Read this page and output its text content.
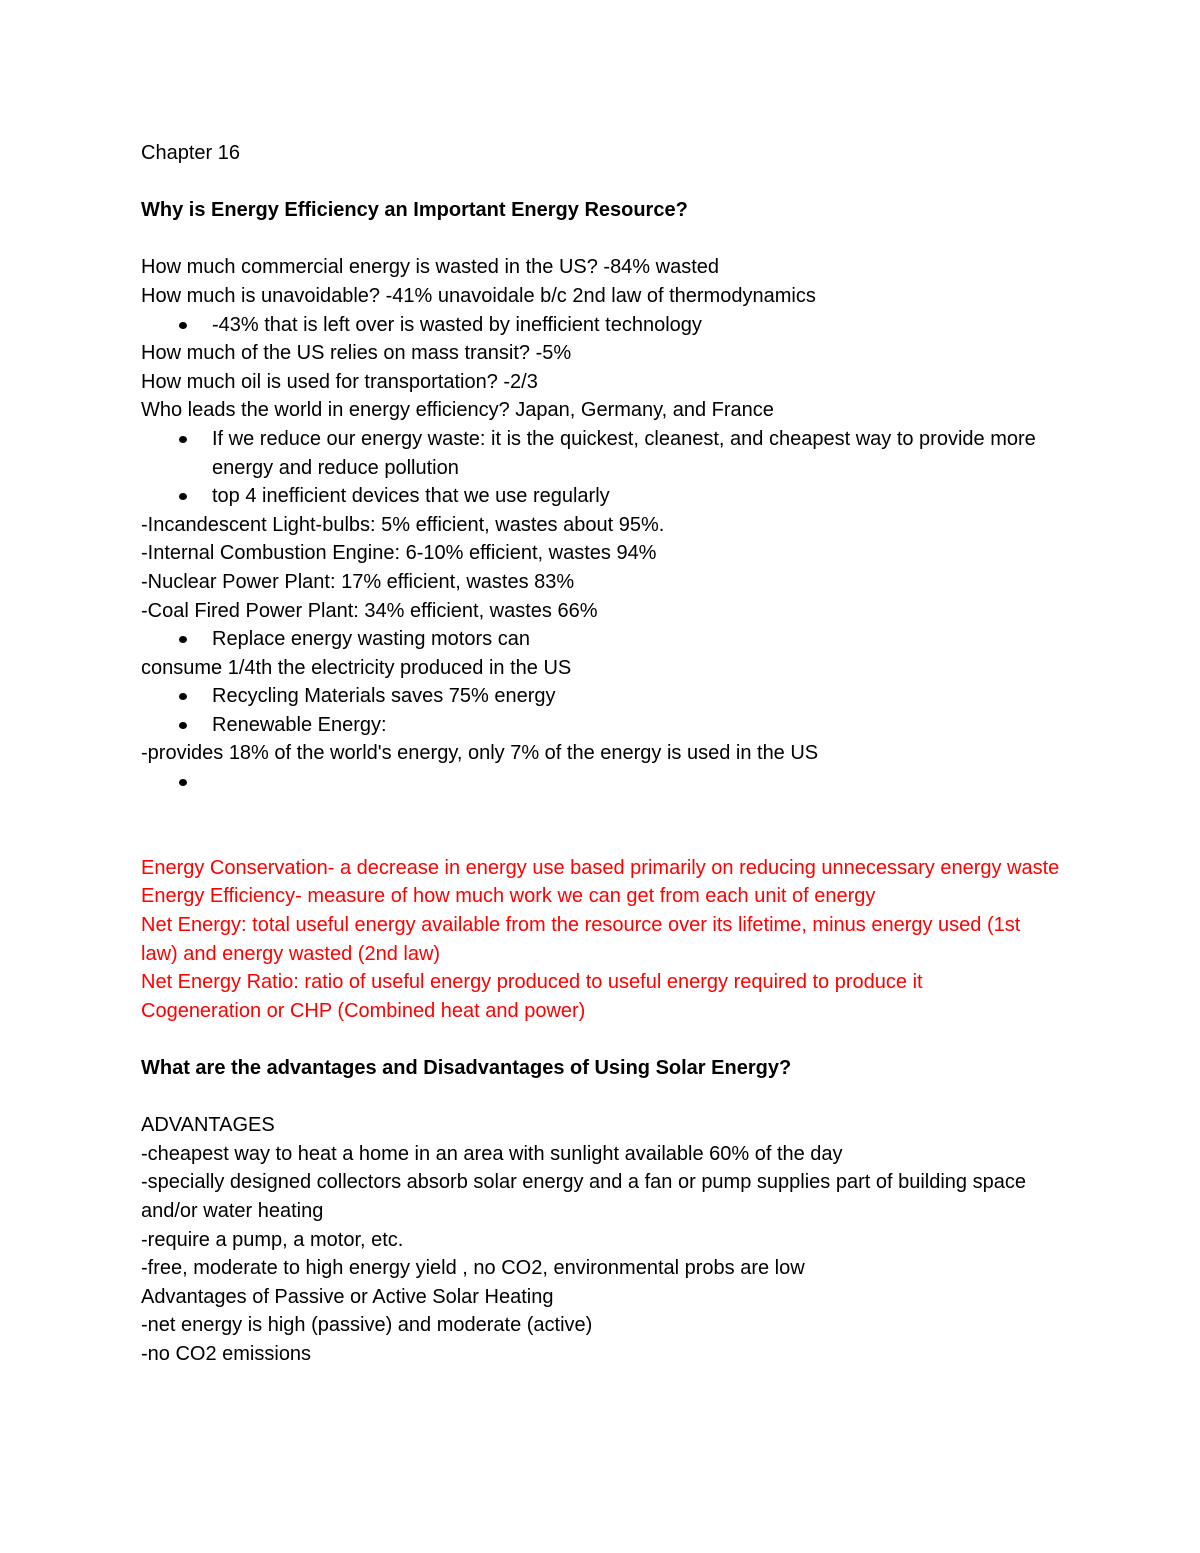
Chapter 16

Why is Energy Efficiency an Important Energy Resource?

How much commercial energy is wasted in the US? -84% wasted

How much is unavoidable? -41% unavoidale b/c 2nd law of thermodynamics

-43% that is left over is wasted by inefficient technology

How much of the US relies on mass transit? -5%

How much oil is used for transportation? -2/3

Who leads the world in energy efficiency? Japan, Germany, and France

If we reduce our energy waste: it is the quickest, cleanest, and cheapest way to provide more energy and reduce pollution
top 4 inefficient devices that we use regularly

-Incandescent Light-bulbs: 5% efficient, wastes about 95%.

-Internal Combustion Engine: 6-10% efficient, wastes 94%

-Nuclear Power Plant: 17% efficient, wastes 83%

-Coal Fired Power Plant: 34% efficient, wastes 66%

Replace energy wasting motors can

consume 1/4th the electricity produced in the US

Recycling Materials saves 75% energy
Renewable Energy:

-provides 18% of the world's energy, only 7% of the energy is used in the US

Energy Conservation- a decrease in energy use based primarily on reducing unnecessary energy waste

Energy Efficiency- measure of how much work we can get from each unit of energy

Net Energy: total useful energy available from the resource over its lifetime, minus energy used (1st law) and energy wasted (2nd law)

Net Energy Ratio: ratio of useful energy produced to useful energy required to produce it

Cogeneration or CHP (Combined heat and power)

What are the advantages and Disadvantages of Using Solar Energy?

ADVANTAGES

-cheapest way to heat a home in an area with sunlight available 60% of the day

-specially designed collectors absorb solar energy and a fan or pump supplies part of building space and/or water heating

-require a pump, a motor, etc.

-free, moderate to high energy yield , no CO2, environmental probs are low

Advantages of Passive or Active Solar Heating

-net energy is high (passive) and moderate (active)

-no CO2 emissions
